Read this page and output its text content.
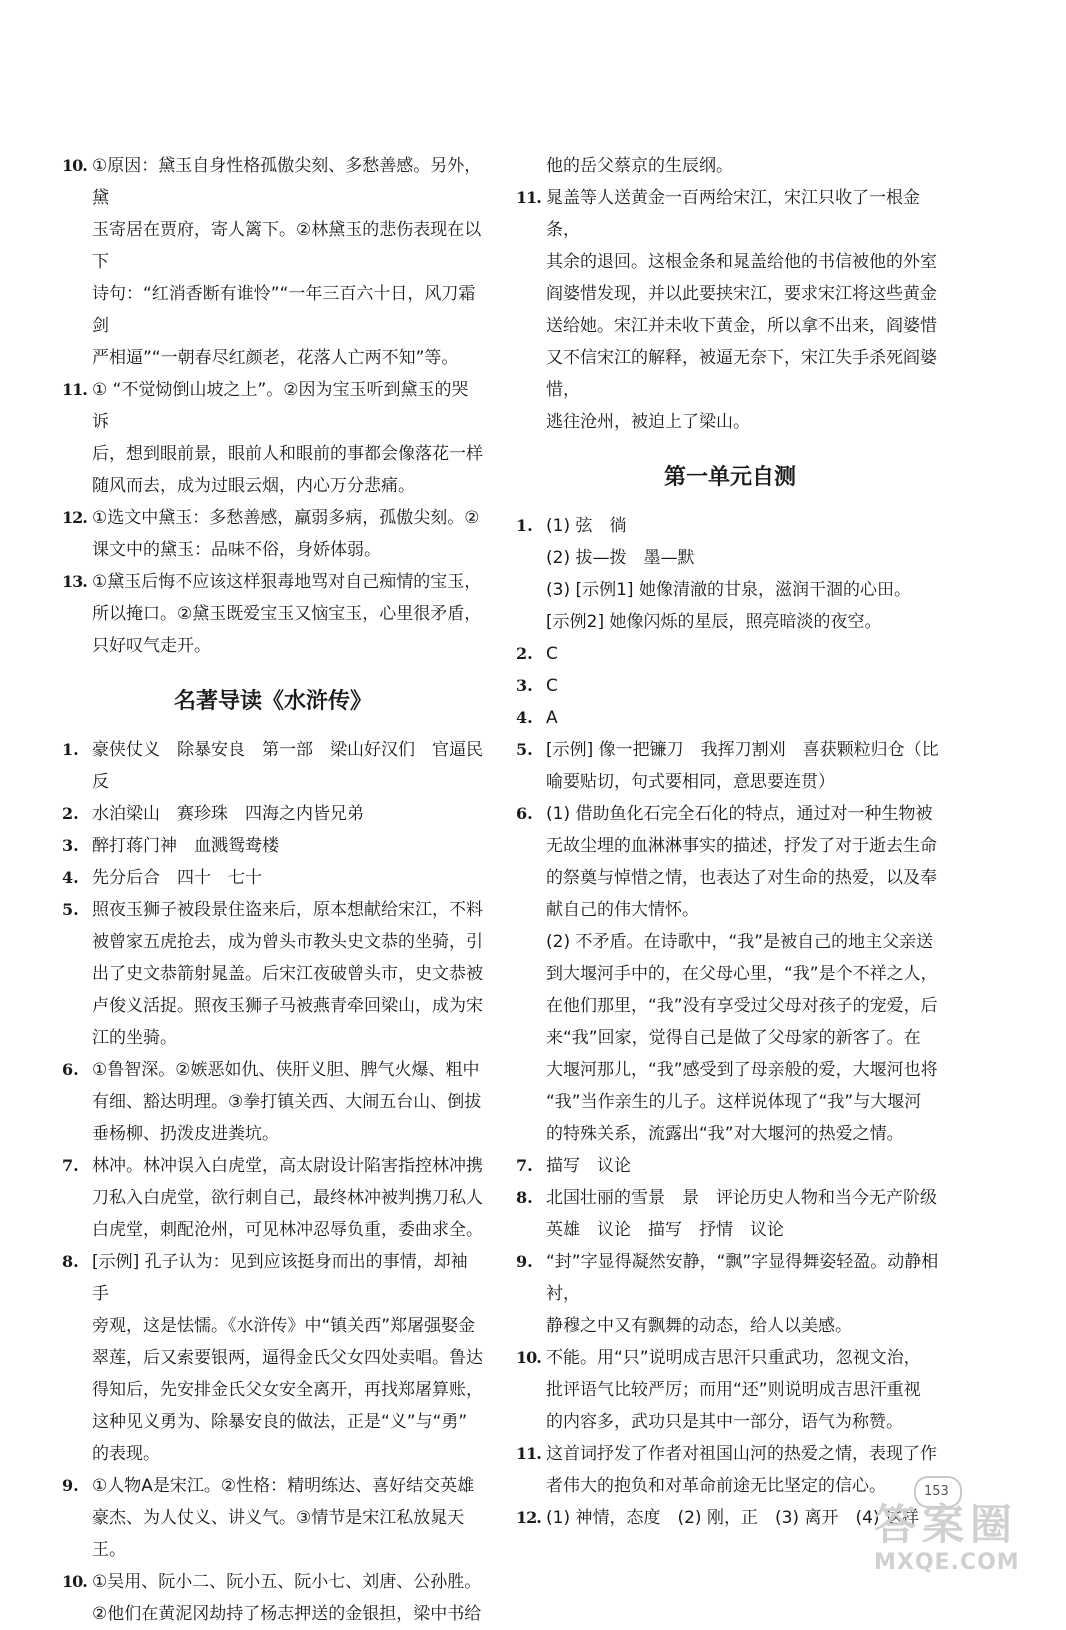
10. ①原因：黛玉自身性格孤傲尖刻、多愁善感。另外，黛

玉寄居在贾府，寄人篱下。②林黛玉的悲伤表现在以下

诗句：“红消香断有谁怜”“一年三百六十日，风刀霜剑

严相逼”“一朝春尽红颜老，花落人亡两不知”等。

11. ① “不觉恸倒山坡之上”。②因为宝玉听到黛玉的哭诉

后，想到眼前景，眼前人和眼前的事都会像落花一样

随风而去，成为过眼云烟，内心万分悲痛。

12. ①选文中黛玉：多愁善感，羸弱多病，孤傲尖刻。②

课文中的黛玉：品味不俗，身娇体弱。

13. ①黛玉后悔不应该这样狠毒地骂对自己痴情的宝玉，

所以掩口。②黛玉既爱宝玉又恼宝玉，心里很矛盾，

只好叹气走开。

名著导读《水浒传》
1. 豪侠仗义　除暴安良　第一部　梁山好汉们　官逼民

反

2. 水泊梁山　赛珍珠　四海之内皆兄弟

3. 醉打蒋门神　血溅鸳鸯楼

4. 先分后合　四十　七十

5. 照夜玉狮子被段景住盗来后，原本想献给宋江，不料

被曾家五虎抢去，成为曾头市教头史文恭的坐骑，引

出了史文恭箭射晁盖。后宋江夜破曾头市，史文恭被

卢俊义活捉。照夜玉狮子马被燕青牵回梁山，成为宋

江的坐骑。

6. ①鲁智深。②嫉恶如仇、侠肝义胆、脾气火爆、粗中

有细、豁达明理。③拳打镇关西、大闹五台山、倒拔

垂杨柳、扔泼皮进粪坑。

7. 林冲。林冲误入白虎堂，高太尉设计陷害指控林冲携

刀私入白虎堂，欲行刺自己，最终林冲被判携刀私人

白虎堂，刺配沧州，可见林冲忍辱负重，委曲求全。

8. [示例] 孔子认为：见到应该挺身而出的事情，却袖手

旁观，这是怯懦。《水浒传》中“镇关西”郑屠强娶金

翠莲，后又索要银两，逼得金氏父女四处卖唱。鲁达

得知后，先安排金氏父女安全离开，再找郑屠算账，

这种见义勇为、除暴安良的做法，正是“义”与“勇”

的表现。

9. ①人物A是宋江。②性格：精明练达、喜好结交英雄

豪杰、为人仗义、讲义气。③情节是宋江私放晁天王。

10. ①吴用、阮小二、阮小五、阮小七、刘唐、公孙胜。

②他们在黄泥冈劫持了杨志押送的金银担，梁中书给

他的岳父蔡京的生辰纲。

11. 晁盖等人送黄金一百两给宋江，宋江只收了一根金条，

其余的退回。这根金条和晁盖给他的书信被他的外室

阎婆惜发现，并以此要挟宋江，要求宋江将这些黄金

送给她。宋江并未收下黄金，所以拿不出来，阎婆惜

又不信宋江的解释，被逼无奈下，宋江失手杀死阎婆惜，

逃往沧州，被迫上了梁山。

第一单元自测
1. (1) 弦　徜

(2) 拔—拨　墨—默

(3) [示例1] 她像清澈的甘泉，滋润干涸的心田。

[示例2] 她像闪烁的星辰，照亮暗淡的夜空。

2. C

3. C

4. A

5. [示例] 像一把镰刀　我挥刀割刈　喜获颗粒归仓（比

喻要贴切，句式要相同，意思要连贯）

6. (1) 借助鱼化石完全石化的特点，通过对一种生物被

无故尘埋的血淋淋事实的描述，抒发了对于逝去生命

的祭奠与悼惜之情，也表达了对生命的热爱，以及奉

献自己的伟大情怀。

(2) 不矛盾。在诗歌中，“我”是被自己的地主父亲送

到大堰河手中的，在父母心里，“我”是个不祥之人，

在他们那里，“我”没有享受过父母对孩子的宠爱，后

来“我”回家，觉得自己是做了父母家的新客了。在

大堰河那儿，“我”感受到了母亲般的爱，大堰河也将

“我”当作亲生的儿子。这样说体现了“我”与大堰河

的特殊关系，流露出“我”对大堰河的热爱之情。

7. 描写　议论

8. 北国壮丽的雪景　景　评论历史人物和当今无产阶级

英雄　议论　描写　抒情　议论

9. “封”字显得凝然安静，“飘”字显得舞姿轻盈。动静相衬，

静穆之中又有飘舞的动态，给人以美感。

10. 不能。用“只”说明成吉思汗只重武功，忽视文治，

批评语气比较严厉；而用“还”则说明成吉思汗重视

的内容多，武功只是其中一部分，语气为称赞。

11. 这首词抒发了作者对祖国山河的热爱之情，表现了作

者伟大的抱负和对革命前途无比坚定的信心。

12. (1) 神情，态度　(2) 刚，正　(3) 离开　(4) 这样

153
答案圈
MXQE.COM
